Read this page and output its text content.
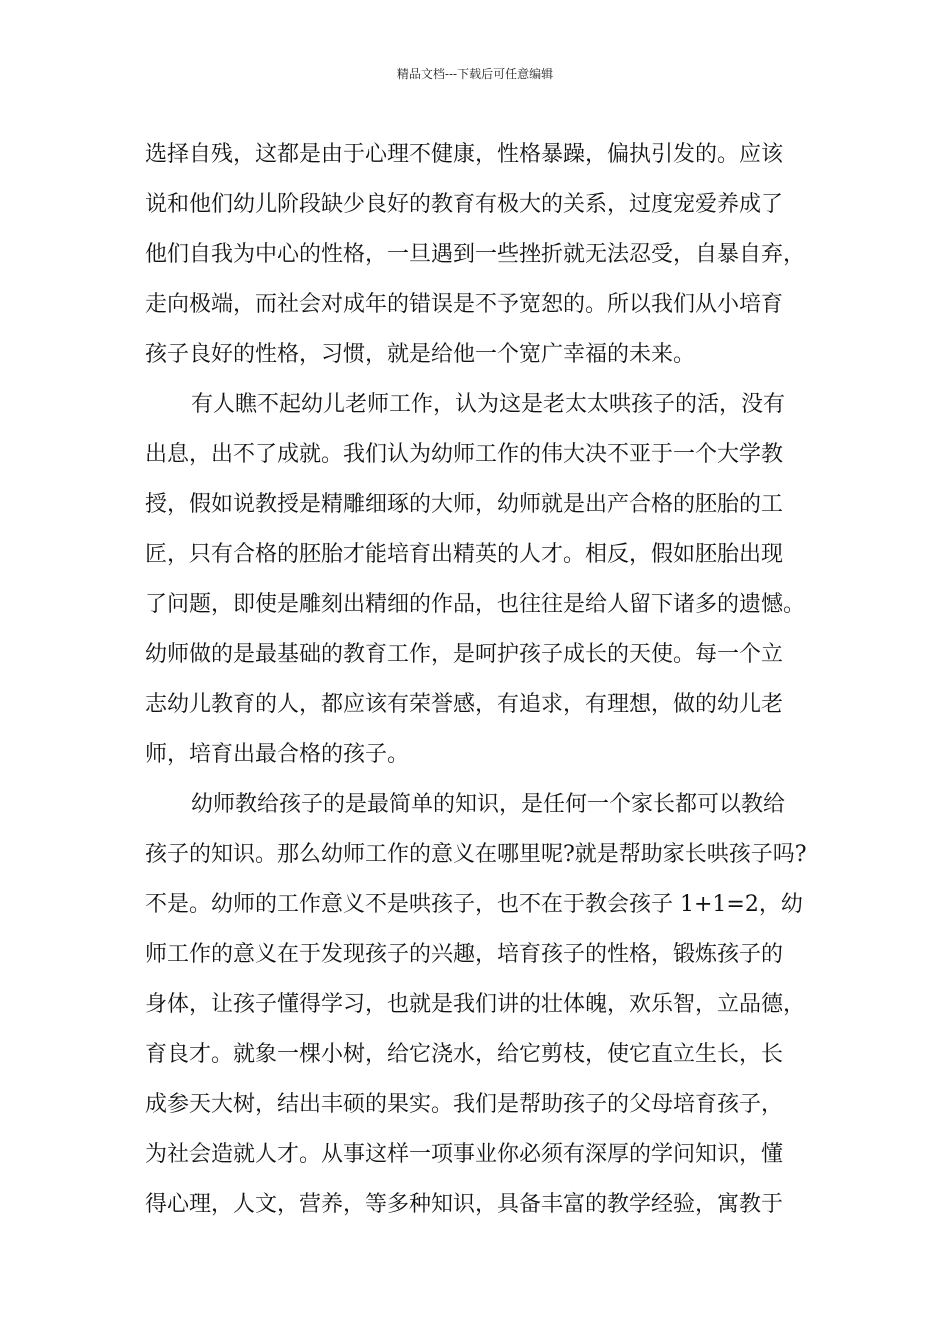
精品文档---下载后可任意编辑
选择自残，这都是由于心理不健康，性格暴躁，偏执引发的。应该
说和他们幼儿阶段缺少良好的教育有极大的关系，过度宠爱养成了
他们自我为中心的性格，一旦遇到一些挫折就无法忍受，自暴自弃，
走向极端，而社会对成年的错误是不予宽恕的。所以我们从小培育
孩子良好的性格，习惯，就是给他一个宽广幸福的未来。
有人瞧不起幼儿老师工作，认为这是老太太哄孩子的活，没有
出息，出不了成就。我们认为幼师工作的伟大决不亚于一个大学教
授，假如说教授是精雕细琢的大师，幼师就是出产合格的胚胎的工
匠，只有合格的胚胎才能培育出精英的人才。相反，假如胚胎出现
了问题，即使是雕刻出精细的作品，也往往是给人留下诸多的遗憾。
幼师做的是最基础的教育工作，是呵护孩子成长的天使。每一个立
志幼儿教育的人，都应该有荣誉感，有追求，有理想，做的幼儿老
师，培育出最合格的孩子。
幼师教给孩子的是最简单的知识，是任何一个家长都可以教给
孩子的知识。那么幼师工作的意义在哪里呢?就是帮助家长哄孩子吗?
不是。幼师的工作意义不是哄孩子，也不在于教会孩子 1+1=2，幼
师工作的意义在于发现孩子的兴趣，培育孩子的性格，锻炼孩子的
身体，让孩子懂得学习，也就是我们讲的壮体魄，欢乐智，立品德，
育良才。就象一棵小树，给它浇水，给它剪枝，使它直立生长，长
成参天大树，结出丰硕的果实。我们是帮助孩子的父母培育孩子，
为社会造就人才。从事这样一项事业你必须有深厚的学问知识，懂
得心理，人文，营养，等多种知识，具备丰富的教学经验，寓教于
